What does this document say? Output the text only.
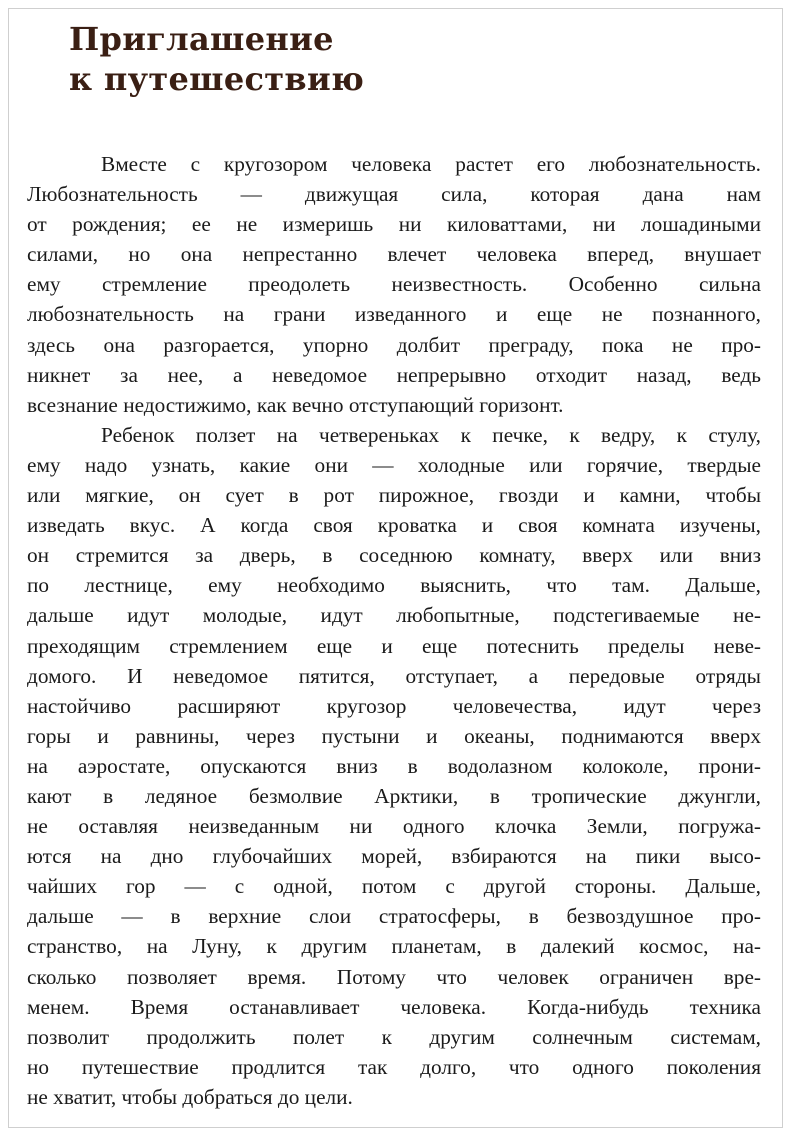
Приглашение
к путешествию

Вместе с кругозором человека растет его любознательность.
Любознательность — движущая сила, которая дана нам
от рождения; ее не измеришь ни киловаттами, ни лошадиными
силами, но она непрестанно влечет человека вперед, внушает
ему стремление преодолеть неизвестность. Особенно сильна
любознательность на грани изведанного и еще не познанного,
здесь она разгорается, упорно долбит преграду, пока не про-
никнет за нее, а неведомое непрерывно отходит назад, ведь
всезнание недостижимо, как вечно отступающий горизонт.

Ребенок ползет на четвереньках к печке, к ведру, к стулу,
ему надо узнать, какие они — холодные или горячие, твердые
или мягкие, он сует в рот пирожное, гвозди и камни, чтобы
изведать вкус. А когда своя кроватка и своя комната изучены,
он стремится за дверь, в соседнюю комнату, вверх или вниз
по лестнице, ему необходимо выяснить, что там. Дальше,
дальше идут молодые, идут любопытные, подстегиваемые не-
преходящим стремлением еще и еще потеснить пределы неве-
домого. И неведомое пятится, отступает, а передовые отряды
настойчиво расширяют кругозор человечества, идут через
горы и равнины, через пустыни и океаны, поднимаются вверх
на аэростате, опускаются вниз в водолазном колоколе, прони-
кают в ледяное безмолвие Арктики, в тропические джунгли,
не оставляя неизведанным ни одного клочка Земли, погружа-
ются на дно глубочайших морей, взбираются на пики высо-
чайших гор — с одной, потом с другой стороны. Дальше,
дальше — в верхние слои стратосферы, в безвоздушное про-
странство, на Луну, к другим планетам, в далекий космос, на-
сколько позволяет время. Потому что человек ограничен вре-
менем. Время останавливает человека. Когда-нибудь техника
позволит продолжить полет к другим солнечным системам,
но путешествие продлится так долго, что одного поколения
не хватит, чтобы добраться до цели.
